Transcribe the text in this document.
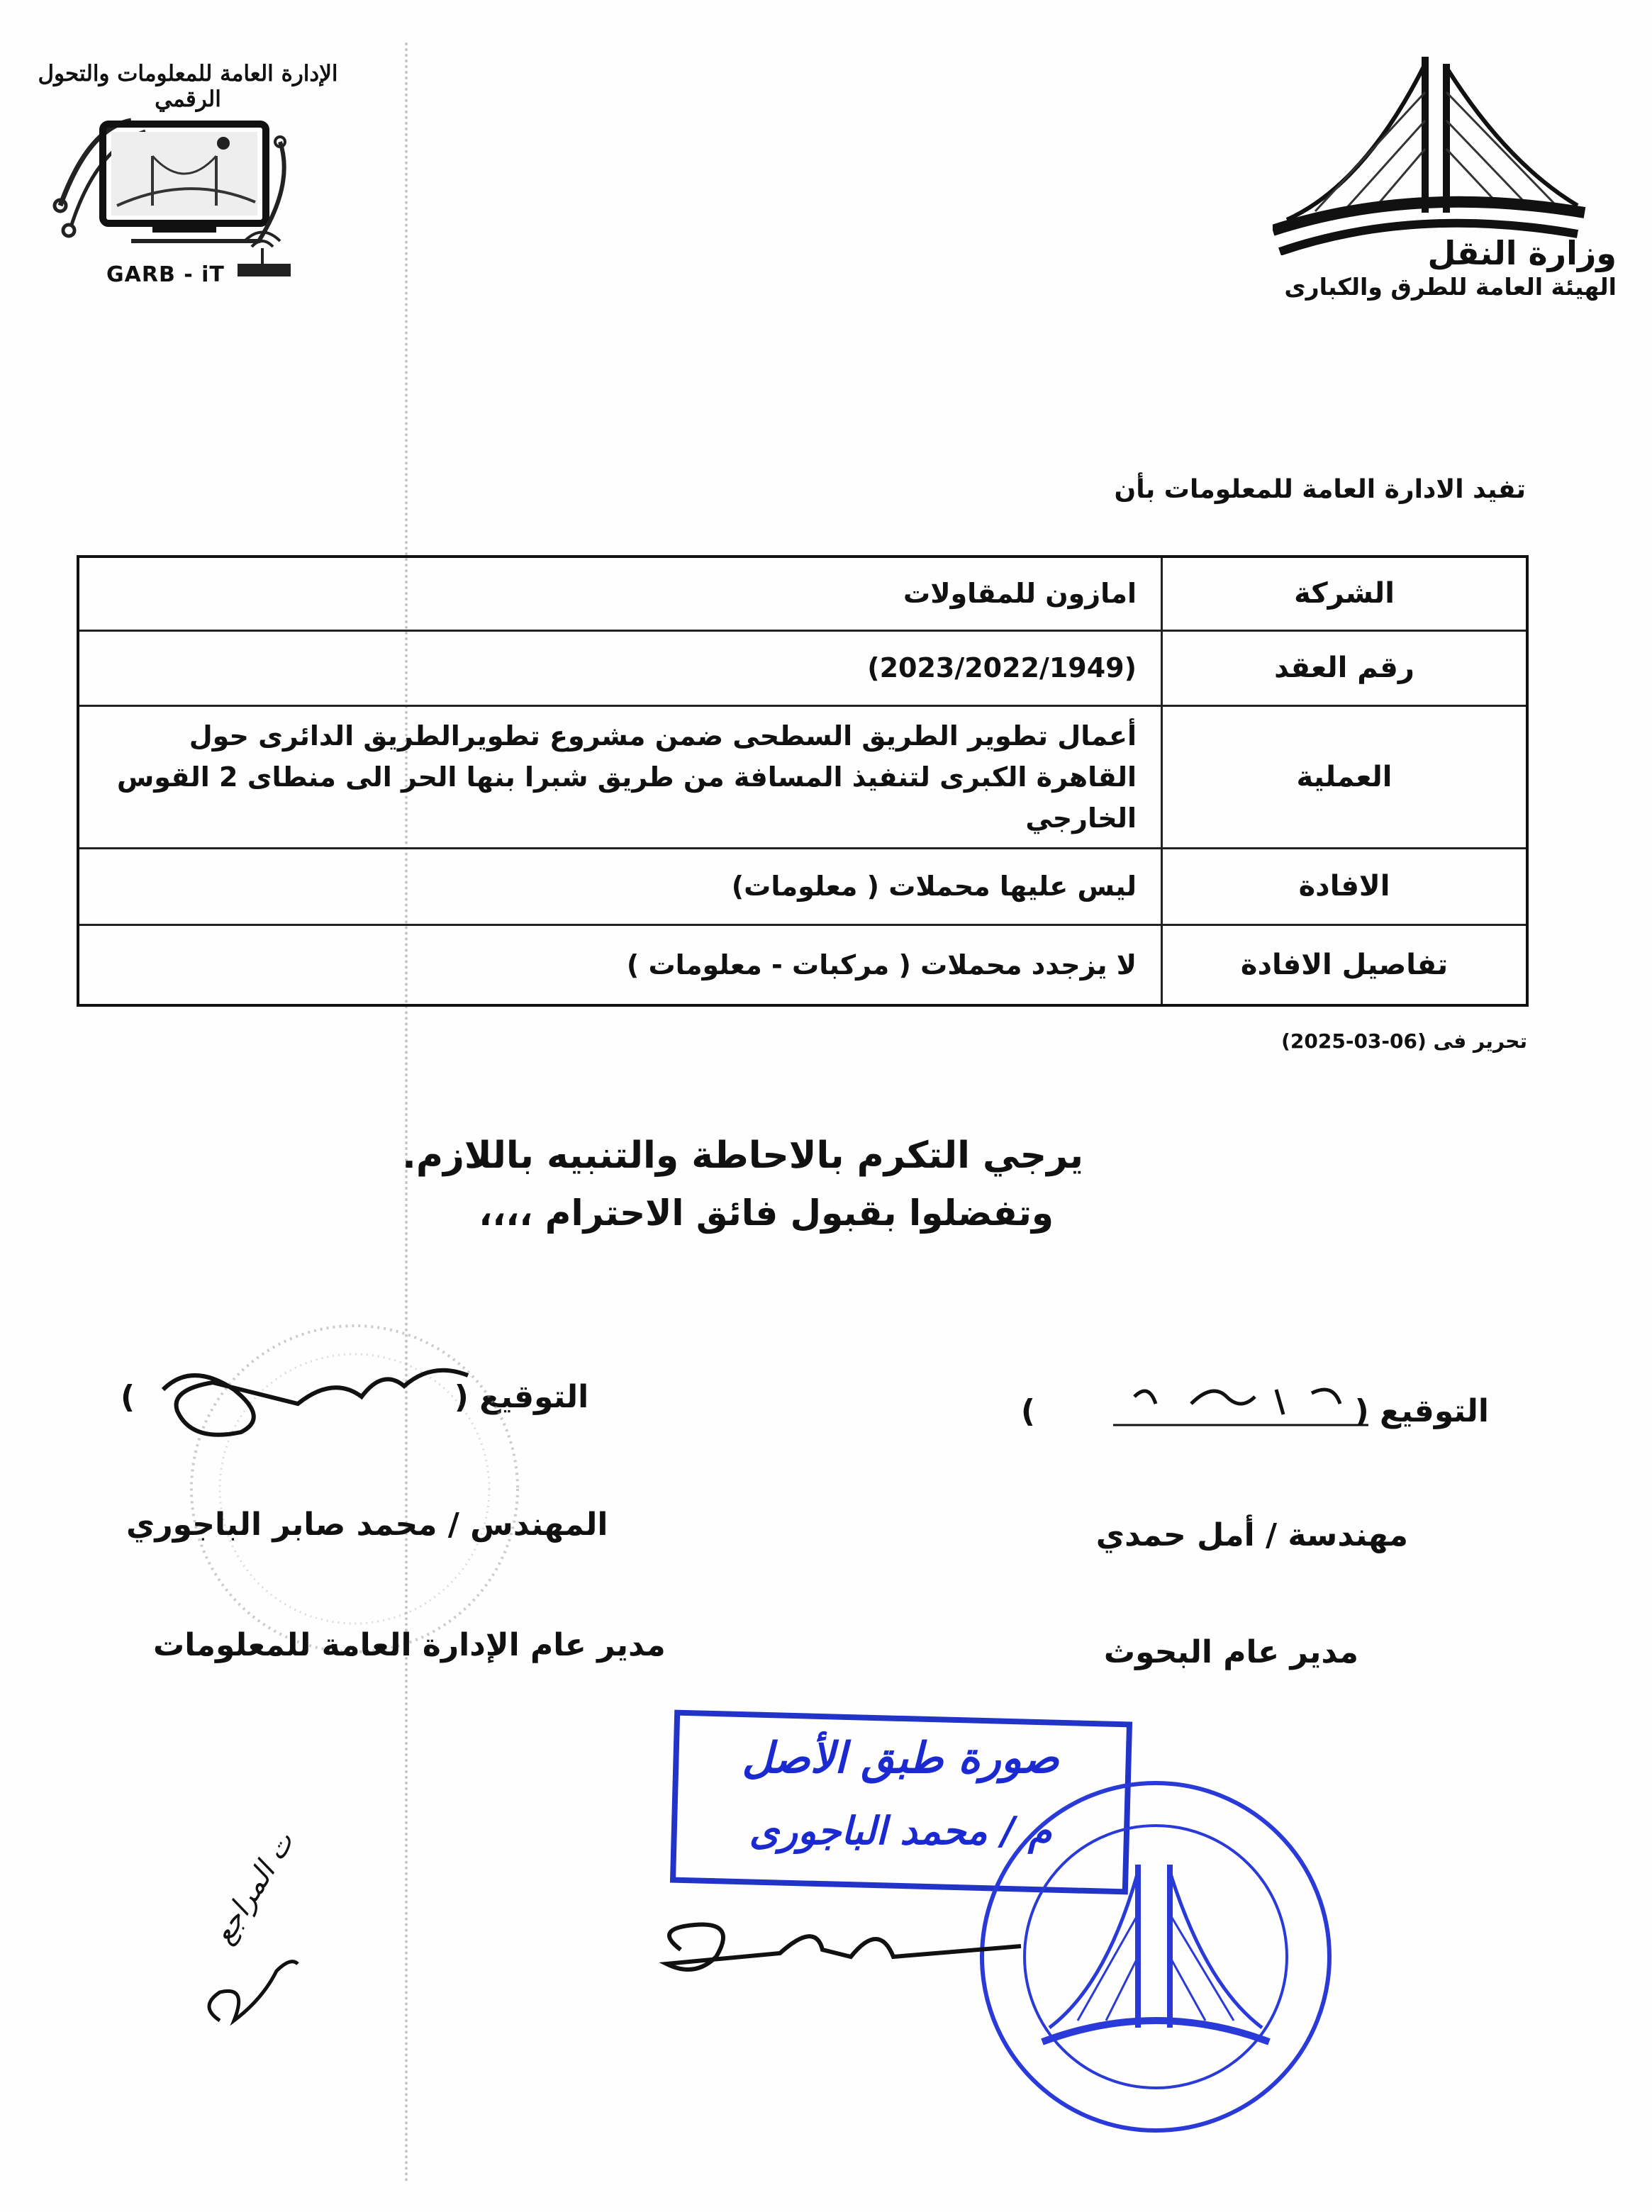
الإدارة العامة للمعلومات والتحول الرقمي
GARB - iT
وزارة النقل
الهيئة العامة للطرق والكبارى
تفيد الادارة العامة للمعلومات بأن
الشركة	امازون للمقاولات
رقم العقد	(2023/2022/1949)
العملية	أعمال تطوير الطريق السطحى ضمن مشروع تطويرالطريق الدائرى حول القاهرة الكبرى لتنفيذ المسافة من طريق شبرا بنها الحر الى منطاى 2 القوس الخارجي
الافادة	ليس عليها محملات ( معلومات)
تفاصيل الافادة	لا يزجدد محملات ( مركبات - معلومات )
تحرير فى (06-03-2025)
يرجي التكرم بالاحاطة والتنبيه باللازم.
وتفضلوا بقبول فائق الاحترام ،،،،
التوقيع (  )
مهندسة / أمل حمدي
مدير عام البحوث
التوقيع (  )
المهندس / محمد صابر الباجوري
مدير عام الإدارة العامة للمعلومات
صورة طبق الأصل
م / محمد الباجورى
ت المراجع
